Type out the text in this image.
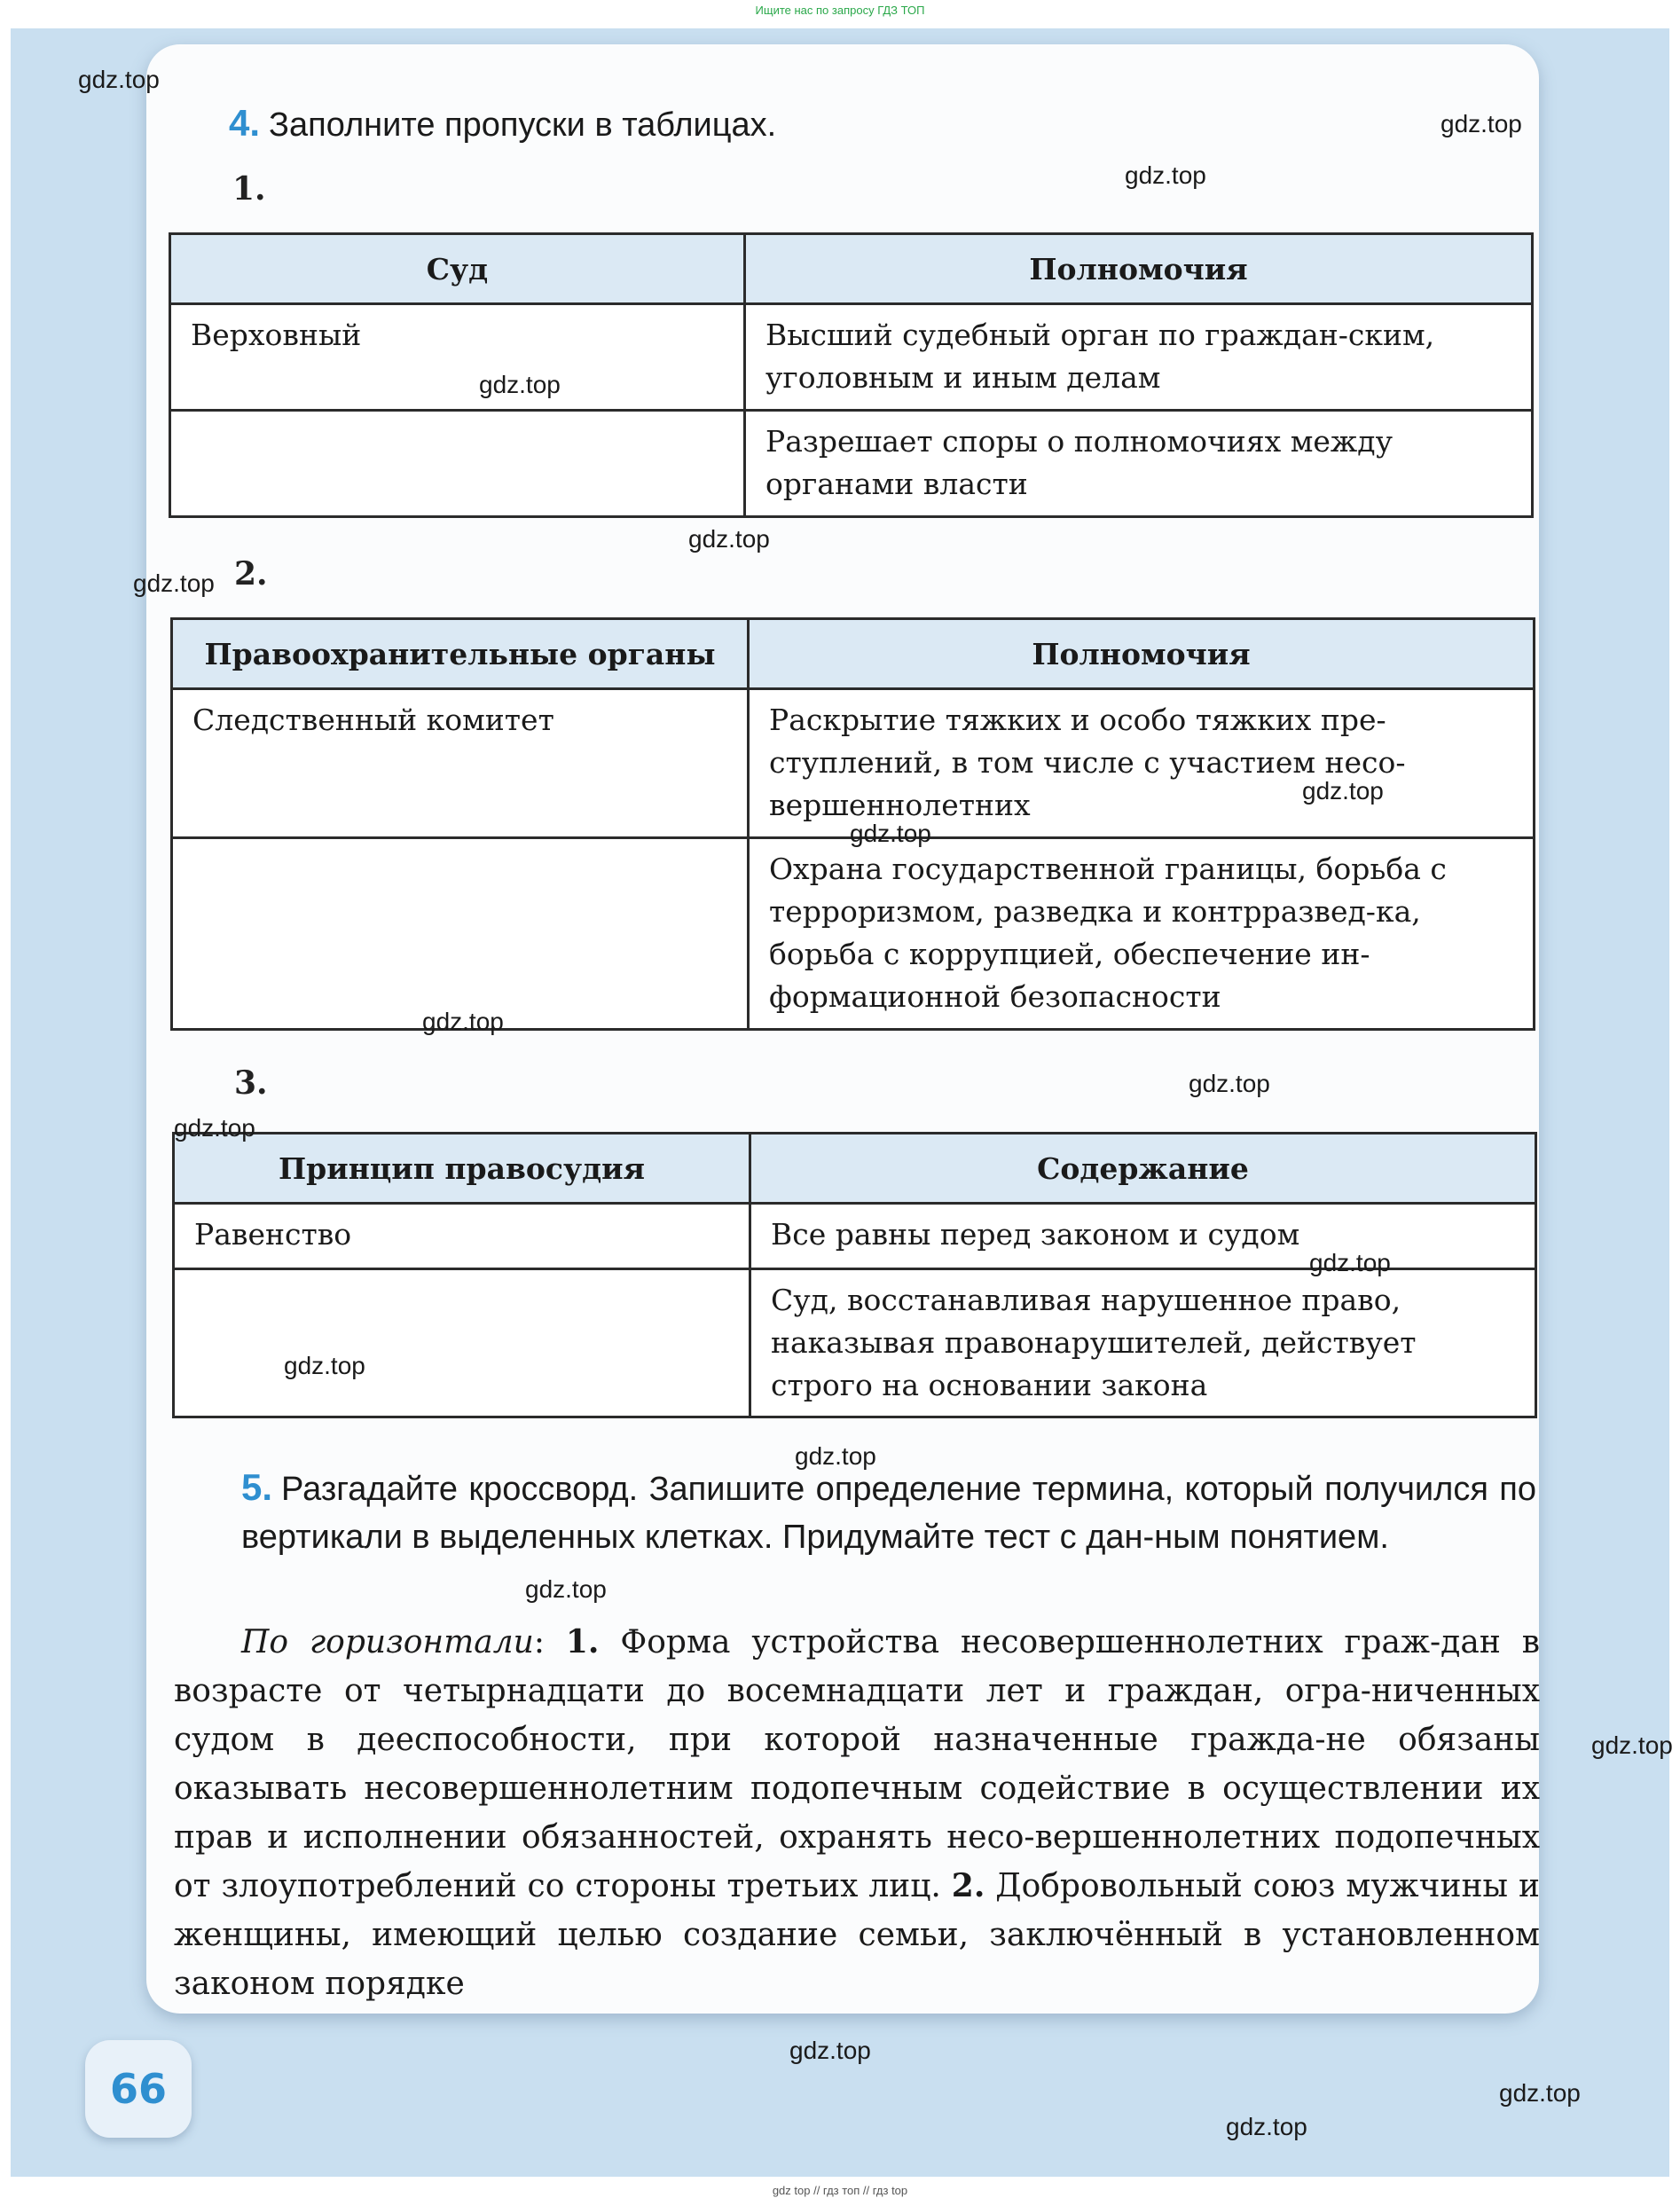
Ищите нас по запросу ГДЗ ТОП
4. Заполните пропуски в таблицах.
1.
Суд	Полномочия
Верховный	Высший судебный орган по граждан-ским, уголовным и иным делам
	Разрешает споры о полномочиях между органами власти
2.
Правоохранительные органы	Полномочия
Следственный комитет	Раскрытие тяжких и особо тяжких пре-ступлений, в том числе с участием несо-вершеннолетних
	Охрана государственной границы, борьба с терроризмом, разведка и контрразвед-ка, борьба с коррупцией, обеспечение ин-формационной безопасности
3.
Принцип правосудия	Содержание
Равенство	Все равны перед законом и судом
	Суд, восстанавливая нарушенное право, наказывая правонарушителей, действует строго на основании закона
5. Разгадайте кроссворд. Запишите определение термина, который получился по вертикали в выделенных клетках. Придумайте тест с дан-ным понятием.
По горизонтали: 1. Форма устройства несовершеннолетних граж-дан в возрасте от четырнадцати до восемнадцати лет и граждан, огра-ниченных судом в дееспособности, при которой назначенные гражда-не обязаны оказывать несовершеннолетним подопечным содействие в осуществлении их прав и исполнении обязанностей, охранять несо-вершеннолетних подопечных от злоупотреблений со стороны третьих лиц. 2. Добровольный союз мужчины и женщины, имеющий целью создание семьи, заключённый в установленном законом порядке
66
gdz.top
gdz.top
gdz.top
gdz.top
gdz.top
gdz.top
gdz.top
gdz.top
gdz.top
gdz.top
gdz.top
gdz.top
gdz.top
gdz.top
gdz.top
gdz.top
gdz.top
gdz.top
gdz.top
gdz top // гдз топ // гдз top
